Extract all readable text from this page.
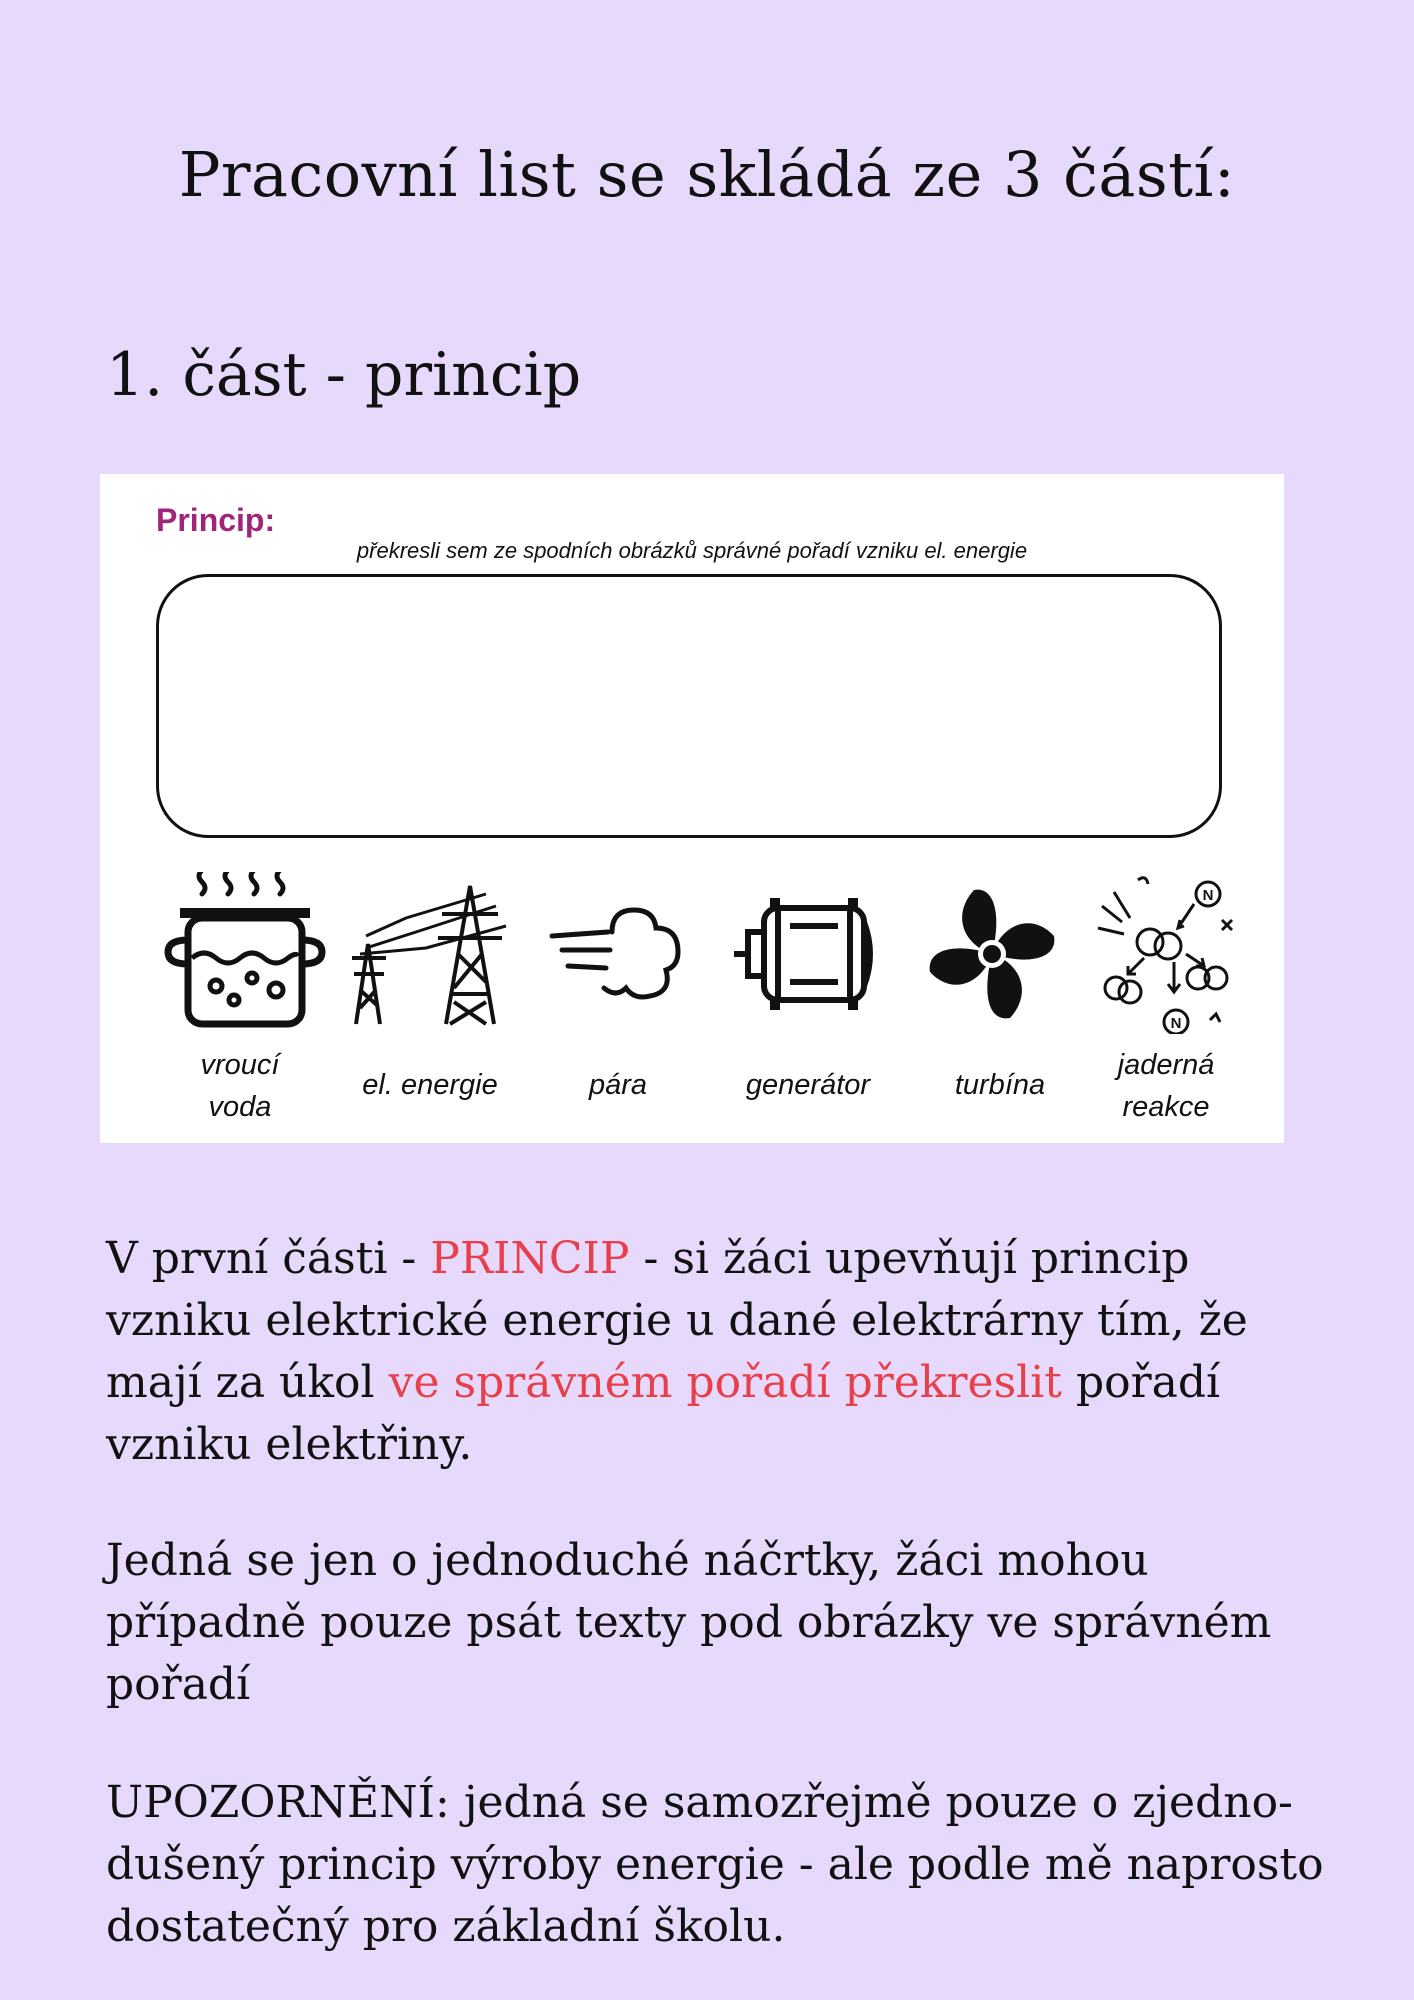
Pracovní list se skládá ze 3 částí:
1. část - princip
Princip:
překresli sem ze spodních obrázků správné pořadí vzniku el. energie
vroucí
voda
el. energie	pára	generátor	turbína
N
N
jaderná
reakce

V první části - PRINCIP - si žáci upevňují princip vzniku elektrické energie u dané elektrárny tím, že mají za úkol ve správném pořadí překreslit pořadí vzniku elektřiny.

Jedná se jen o jednoduché náčrtky, žáci mohou případně pouze psát texty pod obrázky ve správném pořadí

UPOZORNĚNÍ: jedná se samozřejmě pouze o zjedno-dušený princip výroby energie - ale podle mě naprosto dostatečný pro základní školu.
